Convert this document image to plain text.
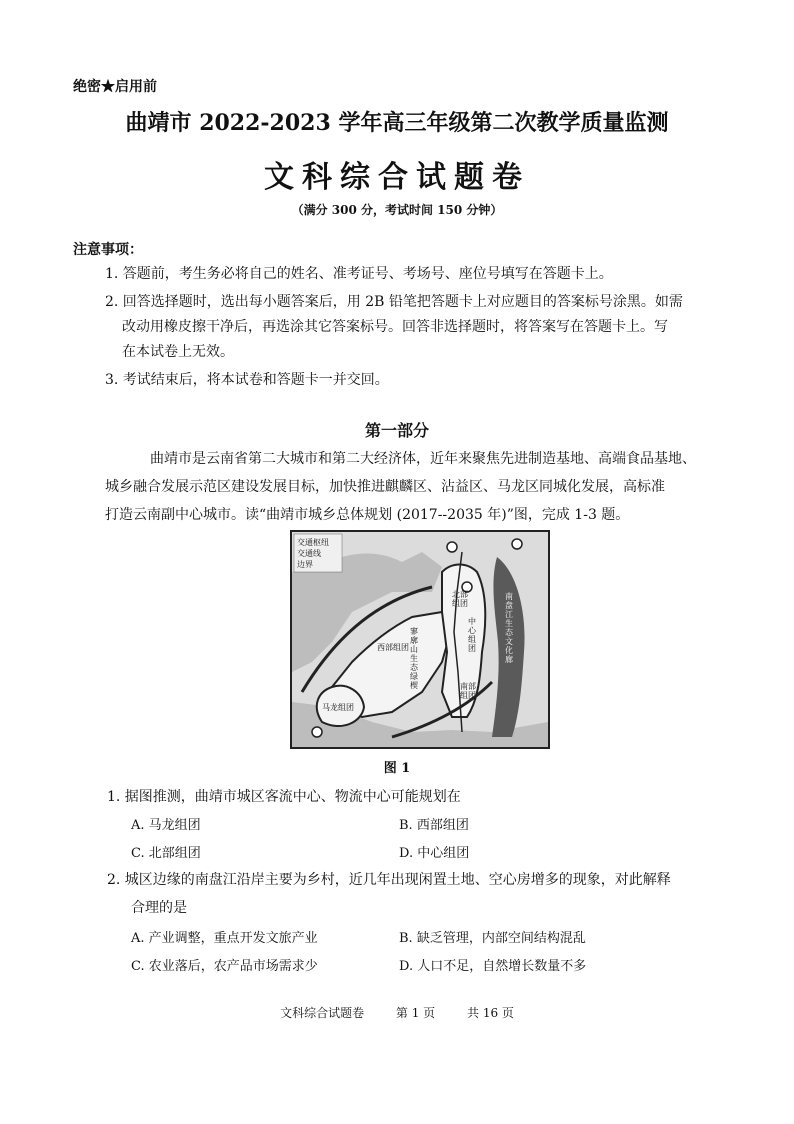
绝密★启用前
曲靖市 2022-2023 学年高三年级第二次教学质量监测
文科综合试题卷
（满分 300 分，考试时间 150 分钟）
注意事项：
1. 答题前，考生务必将自己的姓名、准考证号、考场号、座位号填写在答题卡上。
2. 回答选择题时，选出每小题答案后，用 2B 铅笔把答题卡上对应题目的答案标号涂黑。如需
改动用橡皮擦干净后，再选涂其它答案标号。回答非选择题时，将答案写在答题卡上。写
在本试卷上无效。
3. 考试结束后，将本试卷和答题卡一并交回。
第一部分
曲靖市是云南省第二大城市和第二大经济体，近年来聚焦先进制造基地、高端食品基地、
城乡融合发展示范区建设发展目标，加快推进麒麟区、沾益区、马龙区同城化发展，高标准
打造云南副中心城市。读“曲靖市城乡总体规划 (2017--2035 年)”图，完成 1-3 题。
交通枢纽
交通线
边界
北部组团
西部组团
中心组团
南部组团
马龙组团
南盘江生态文化廊
寥廓山生态绿楔
图 1
1. 据图推测，曲靖市城区客流中心、物流中心可能规划在
A. 马龙组团	B. 西部组团
C. 北部组团	D. 中心组团
2. 城区边缘的南盘江沿岸主要为乡村，近几年出现闲置土地、空心房增多的现象，对此解释
合理的是
A. 产业调整，重点开发文旅产业	B. 缺乏管理，内部空间结构混乱
C. 农业落后，农产品市场需求少	D. 人口不足，自然增长数量不多
文科综合试题卷	第 1 页	共 16 页
